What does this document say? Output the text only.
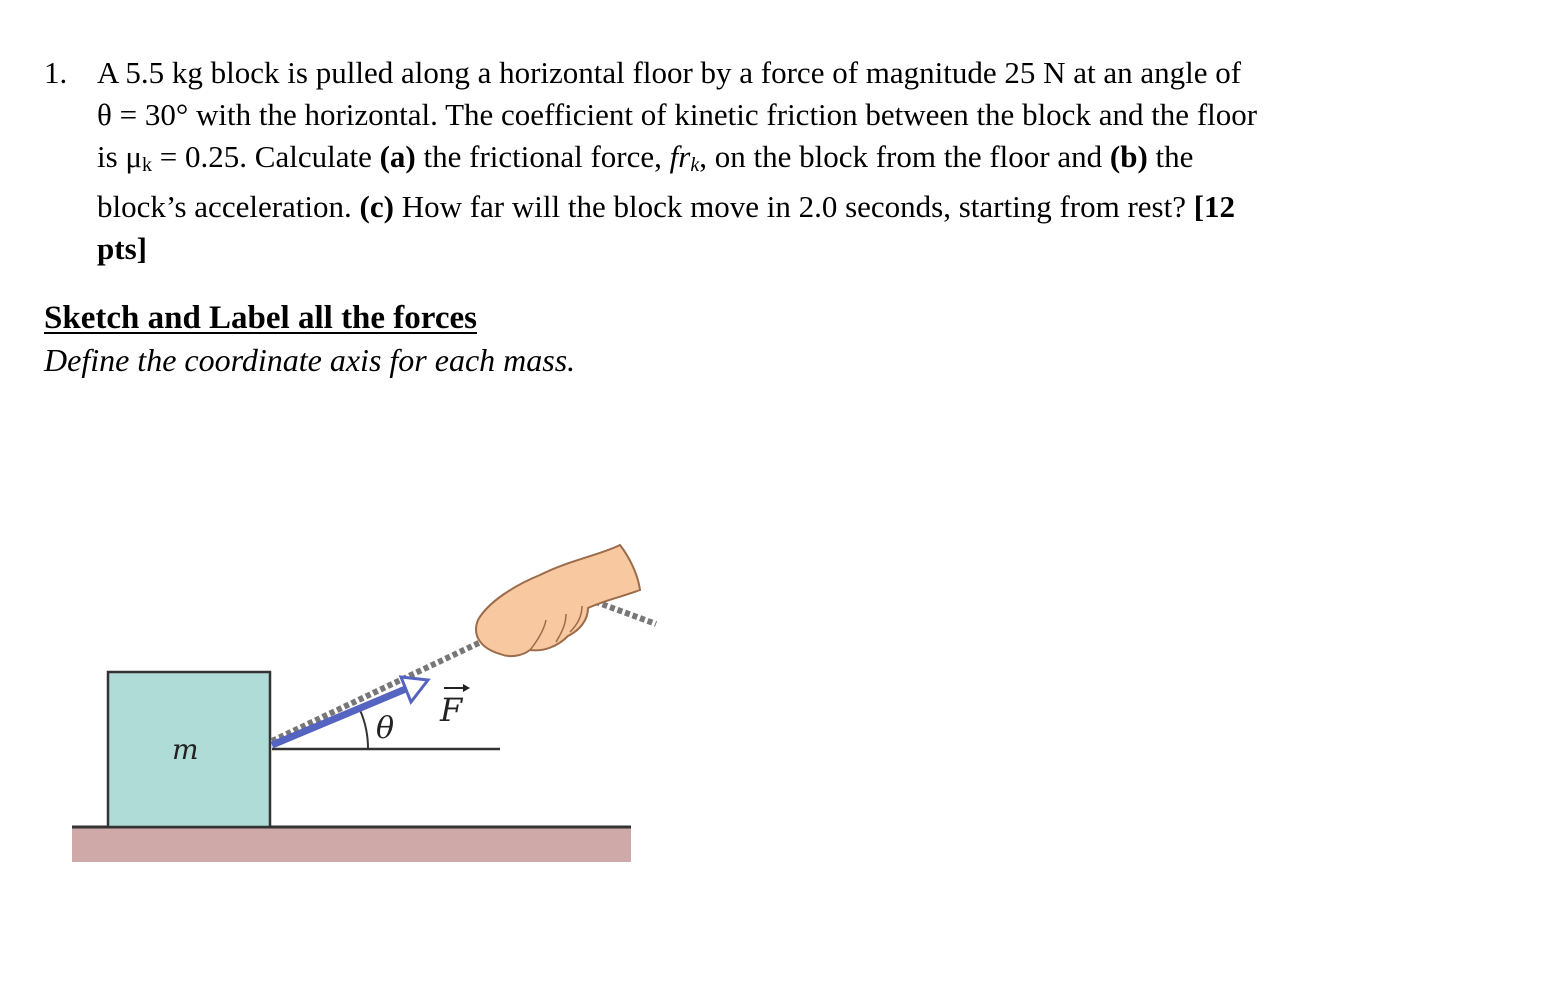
1. A 5.5 kg block is pulled along a horizontal floor by a force of magnitude 25 N at an angle of
θ = 30° with the horizontal. The coefficient of kinetic friction between the block and the floor
is $\mu_k = 0.25$. Calculate (a) the frictional force, $fr_k$, on the block from the floor and (b) the
block’s acceleration. (c) How far will the block move in 2.0 seconds, starting from rest? [12
pts]
Sketch and Label all the forces
Define the coordinate axis for each mass.
m
θ F
